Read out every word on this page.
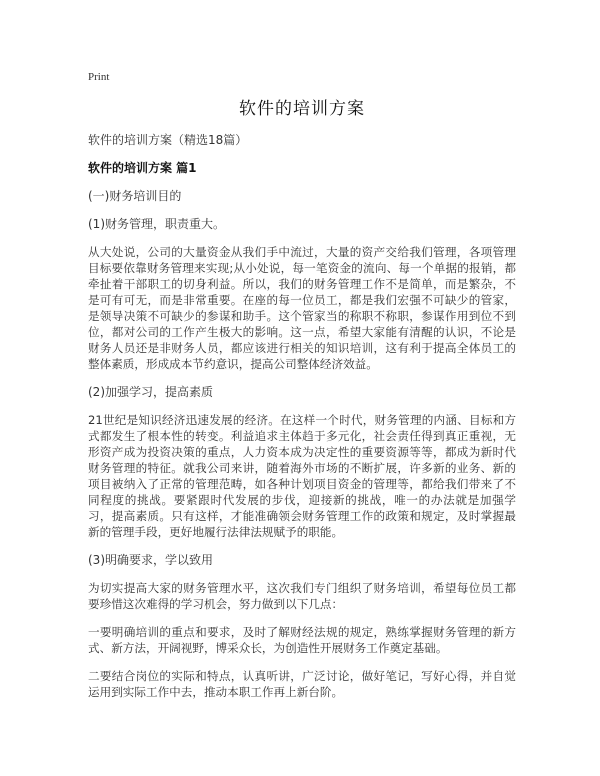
Print
软件的培训方案
软件的培训方案（精选18篇）
软件的培训方案 篇1
(一)财务培训目的
(1)财务管理，职责重大。

从大处说，公司的大量资金从我们手中流过，大量的资产交给我们管理，各项管理目标要依靠财务管理来实现;从小处说，每一笔资金的流向、每一个单据的报销，都牵扯着干部职工的切身利益。所以，我们的财务管理工作不是简单，而是繁杂，不是可有可无，而是非常重要。在座的每一位员工，都是我们宏强不可缺少的管家，是领导决策不可缺少的参谋和助手。这个管家当的称职不称职，参谋作用到位不到位，都对公司的工作产生极大的影响。这一点，希望大家能有清醒的认识，不论是财务人员还是非财务人员，都应该进行相关的知识培训，这有利于提高全体员工的整体素质，形成成本节约意识，提高公司整体经济效益。

(2)加强学习，提高素质

21世纪是知识经济迅速发展的经济。在这样一个时代，财务管理的内涵、目标和方式都发生了根本性的转变。利益追求主体趋于多元化，社会责任得到真正重视，无形资产成为投资决策的重点，人力资本成为决定性的重要资源等等，都成为新时代财务管理的特征。就我公司来讲，随着海外市场的不断扩展，许多新的业务、新的项目被纳入了正常的管理范畴，如各种计划项目资金的管理等，都给我们带来了不同程度的挑战。要紧跟时代发展的步伐，迎接新的挑战，唯一的办法就是加强学习，提高素质。只有这样，才能准确领会财务管理工作的政策和规定，及时掌握最新的管理手段，更好地履行法律法规赋予的职能。

(3)明确要求，学以致用

为切实提高大家的财务管理水平，这次我们专门组织了财务培训，希望每位员工都要珍惜这次难得的学习机会，努力做到以下几点：

一要明确培训的重点和要求，及时了解财经法规的规定，熟练掌握财务管理的新方式、新方法，开阔视野，博采众长，为创造性开展财务工作奠定基础。

二要结合岗位的实际和特点，认真听讲，广泛讨论，做好笔记，写好心得，并自觉运用到实际工作中去，推动本职工作再上新台阶。
